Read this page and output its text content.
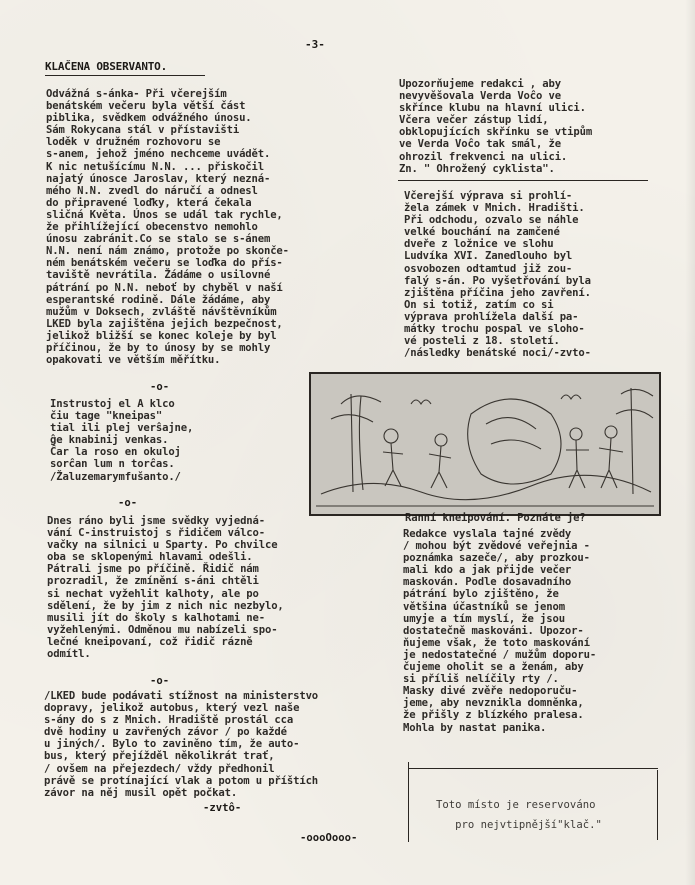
-3-
KLAČENA OBSERVANTO.
Odvážná s-ánka- Při včerejším
benátském večeru byla větší část
piblika, svědkem odvážného únosu.
Sám Rokycana stál v přístavišti
loděk v družném rozhovoru se
s-anem, jehož jméno nechceme uvádět.
K nic netušícímu N.N. ... přiskočil
najatý únosce Jaroslav, který nezná-
mého N.N. zvedl do náručí a odnesl
do připravené loďky, která čekala
sličná Květa. Únos se udál tak rychle,
že přihlížející obecenstvo nemohlo
únosu zabránit.Co se stalo se s-ánem
N.N. není nám známo, protože po skonče-
ném benátském večeru se loďka do přís-
taviště nevrátila. Žádáme o usilovné
pátrání po N.N. neboť by chyběl v naší
esperantské rodině. Dále žádáme, aby
mužům v Doksech, zvláště návštěvníkům
LKED byla zajištěna jejich bezpečnost,
jelikož bližší se konec koleje by byl
příčinou, že by to únosy by se mohly
opakovati ve větším měřítku.
-o-
Instrustoj el A klco
čiu tage "kneipas"
tial ili plej verŝajne,
ĝe knabinij venkas.
Ĉar la roso en okuloj
sorĉan lum n torĉas.
/Žaluzemarymfušanto./
-o-
Dnes ráno byli jsme svědky vyjedná-
vání C-instruistoj s řidičem válco-
vačky na silnici u Sparty. Po chvilce
oba se sklopenými hlavami odešli.
Pátrali jsme po příčině. Řidič nám
prozradil, že zmínění s-áni chtěli
si nechat vyžehlit kalhoty, ale po
sdělení, že by jim z nich nic nezbylo,
musili jít do školy s kalhotami ne-
vyžehlenými. Odměnou mu nabízeli spo-
lečné kneipovaní, což řidič rázně
odmítl.
-o-
/LKED bude podávati stížnost na ministerstvo
dopravy, jelikož autobus, který vezl naše
s-ány do s z Mnich. Hradiště prostál cca
dvě hodiny u zavřených závor / po každé
u jiných/. Bylo to zaviněno tím, že auto-
bus, který přejížděl několikrát trať,
/ ovšem na přejezdech/ vždy předhonil
právě se protínající vlak a potom u příštích
závor na něj musil opět počkat.
-zvtô-
-oooOooo-
Upozorňujeme redakci , aby
nevyvěšovala Verda Voĉo ve
skřínce klubu na hlavní ulici.
Včera večer zástup lidí,
obklopujících skřínku se vtipům
ve Verda Voĉo tak smál, že
ohrozil frekvenci na ulici.
Zn. " Ohrožený cyklista".
Včerejší výprava si prohlí-
žela zámek v Mnich. Hradišti.
Při odchodu, ozvalo se náhle
velké bouchání na zamčené
dveře z ložnice ve slohu
Ludvíka XVI. Zanedlouho byl
osvobozen odtamtud již zou-
falý s-án. Po vyšetřování byla
zjištěna příčina jeho zavření.
On si totiž, zatím co si
výprava prohlížela další pa-
mátky trochu pospal ve sloho-
vé posteli z 18. století.
/následky benátské noci/-zvto-
Ranní kneipování. Poznáte je?
Redakce vyslala tajné zvědy
/ mohou být zvědové veřejnia -
poznámka sazeče/, aby prozkou-
mali kdo a jak přijde večer
maskován. Podle dosavadního
pátrání bylo zjištěno, že
většina účastníků se jenom
umyje a tím myslí, že jsou
dostatečně maskováni. Upozor-
ňujeme však, že toto maskování
je nedostatečné / mužům doporu-
čujeme oholit se a ženám, aby
si příliš nelíčily rty /.
Masky divé zvěře nedoporuču-
jeme, aby nevznikla domněnka,
že přišly z blízkého pralesa.
Mohla by nastat panika.
Toto místo je reservováno
pro nejvtipnější"klač."
